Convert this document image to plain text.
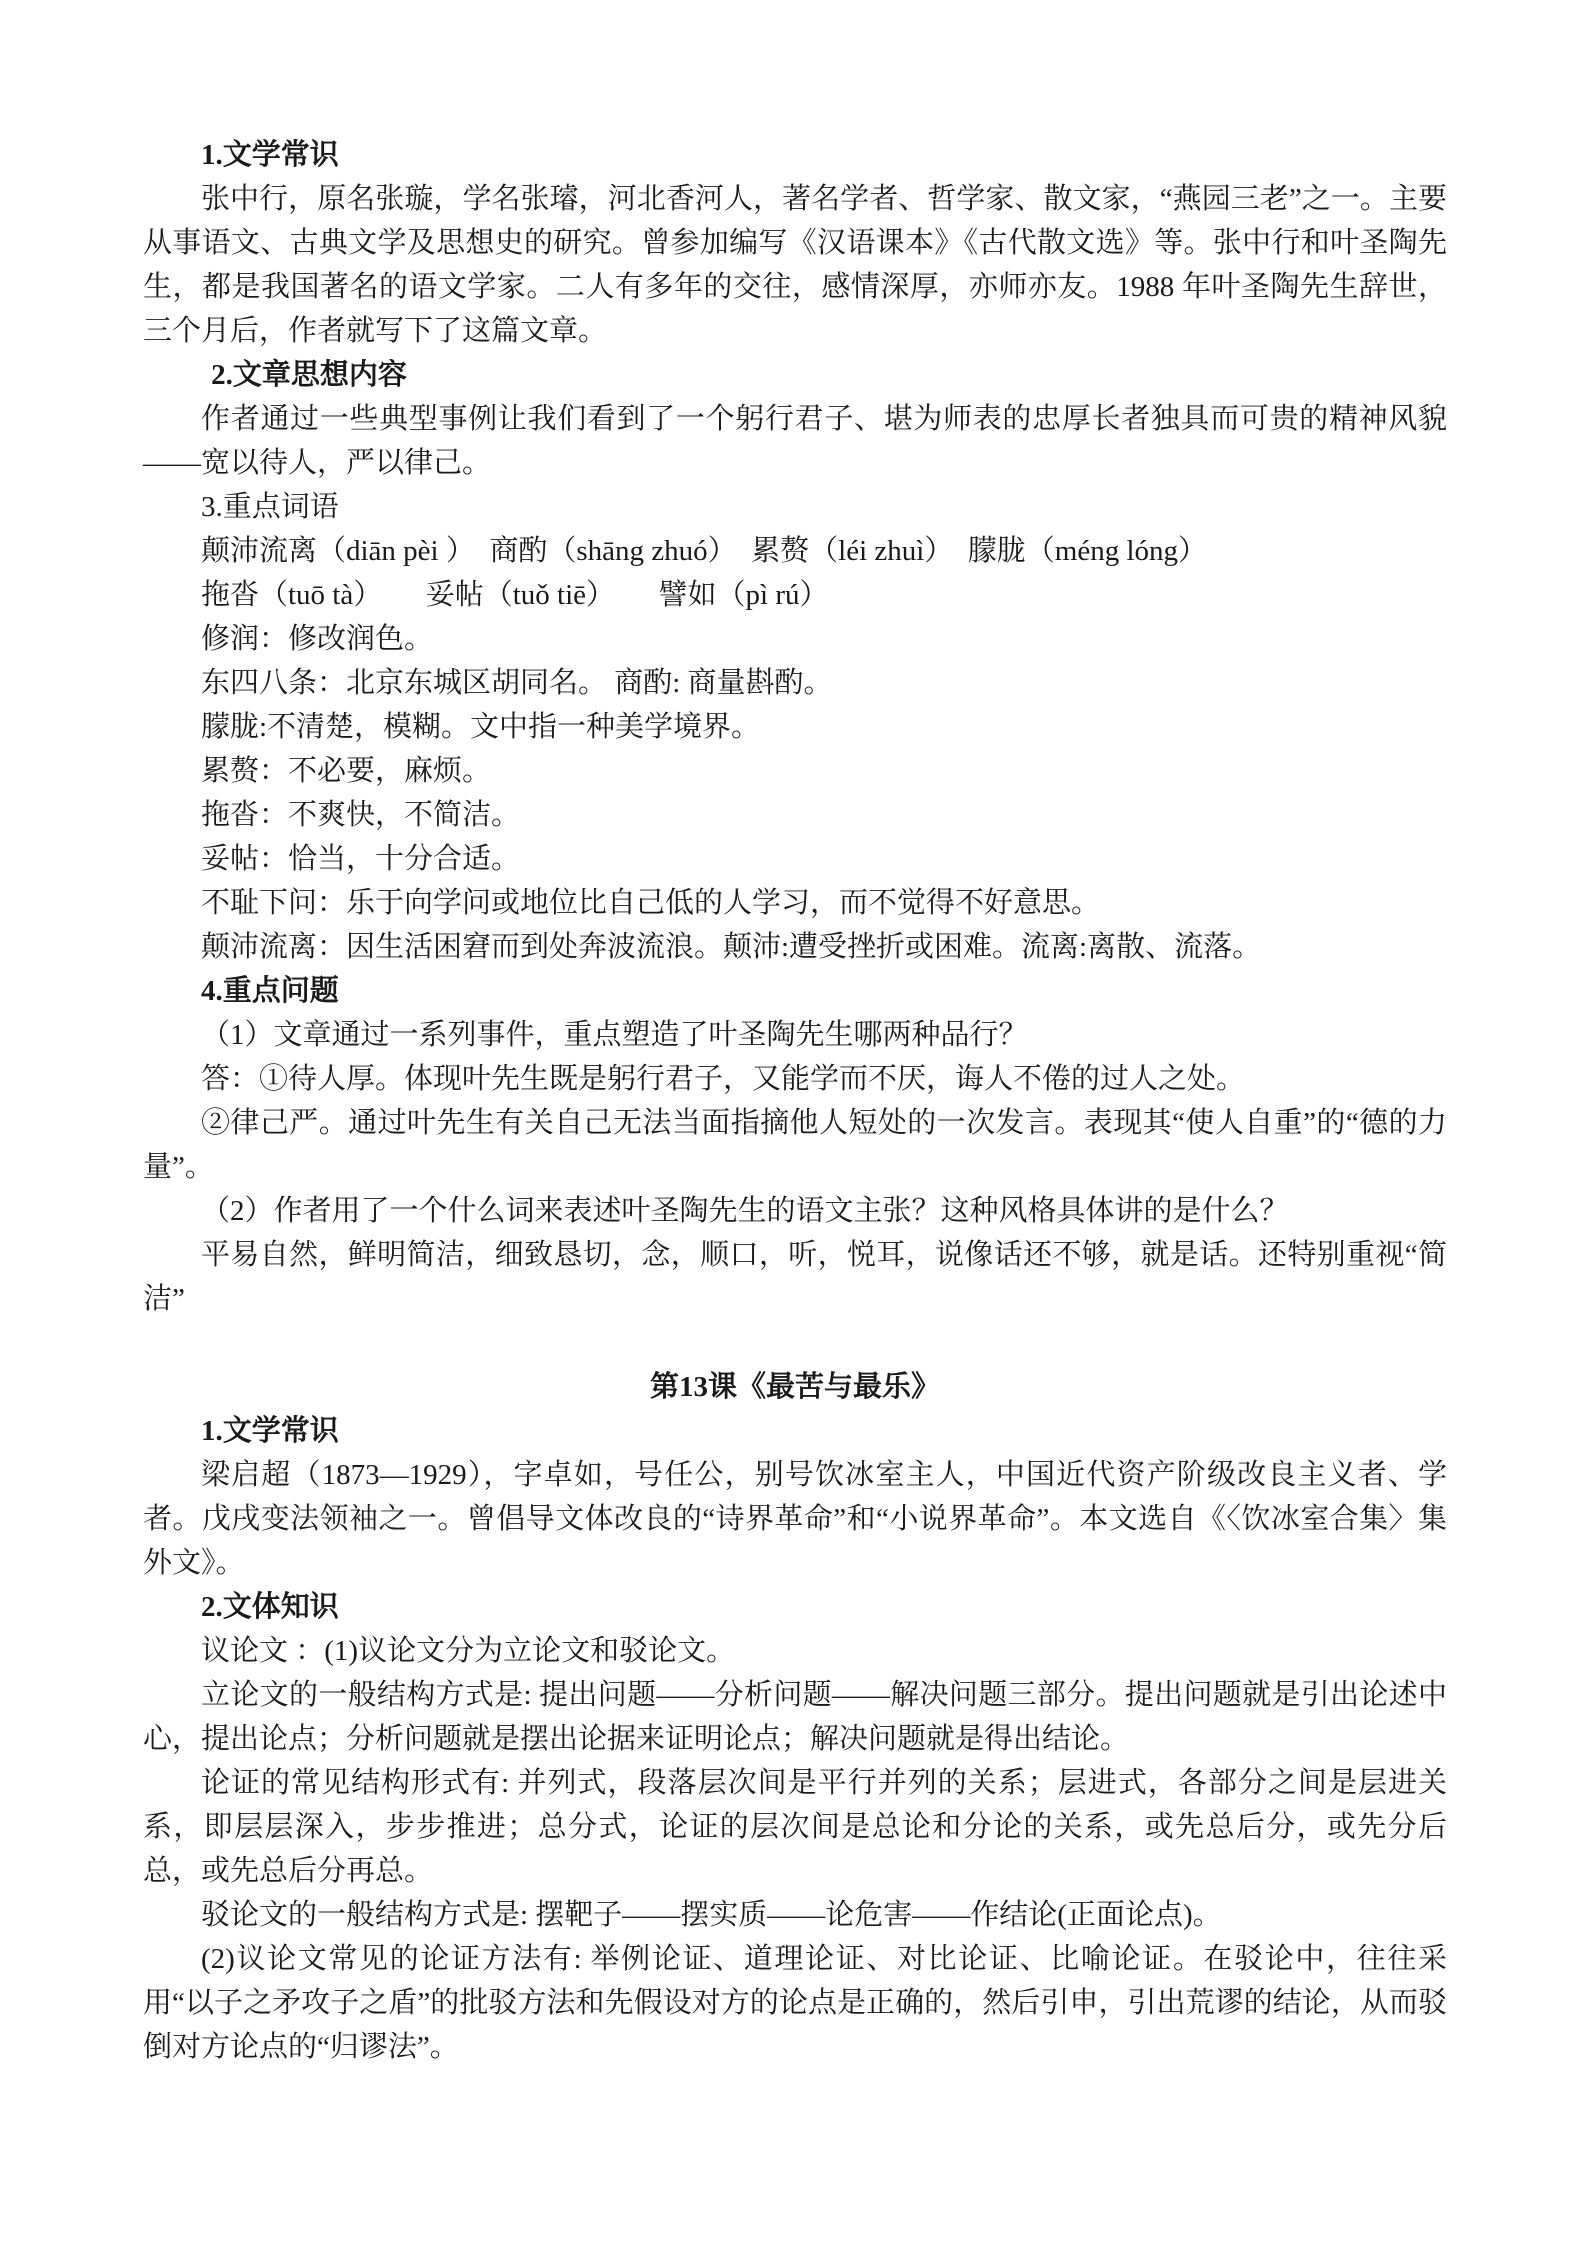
1.文学常识

张中行，原名张璇，学名张璿，河北香河人，著名学者、哲学家、散文家，“燕园三老”之一。主要从事语文、古典文学及思想史的研究。曾参加编写《汉语课本》《古代散文选》等。张中行和叶圣陶先生，都是我国著名的语文学家。二人有多年的交往，感情深厚，亦师亦友。1988 年叶圣陶先生辞世，三个月后，作者就写下了这篇文章。

2.文章思想内容

作者通过一些典型事例让我们看到了一个躬行君子、堪为师表的忠厚长者独具而可贵的精神风貌——宽以待人，严以律己。

3.重点词语

颠沛流离（diān pèi ）　商酌（shāng zhuó）　累赘（léi zhuì）　朦胧（méng lóng）

拖沓（tuō tà）　　妥帖（tuǒ tiē）　　譬如（pì rú）

修润：修改润色。

东四八条：北京东城区胡同名。 商酌: 商量斟酌。

朦胧:不清楚，模糊。文中指一种美学境界。

累赘：不必要，麻烦。

拖沓：不爽快，不简洁。

妥帖：恰当，十分合适。

不耻下问：乐于向学问或地位比自己低的人学习，而不觉得不好意思。

颠沛流离：因生活困窘而到处奔波流浪。颠沛:遭受挫折或困难。流离:离散、流落。

4.重点问题

（1）文章通过一系列事件，重点塑造了叶圣陶先生哪两种品行？

答：①待人厚。体现叶先生既是躬行君子，又能学而不厌，诲人不倦的过人之处。

②律己严。通过叶先生有关自己无法当面指摘他人短处的一次发言。表现其“使人自重”的“德的力量”。

（2）作者用了一个什么词来表述叶圣陶先生的语文主张？这种风格具体讲的是什么？

平易自然，鲜明简洁，细致恳切，念，顺口，听，悦耳，说像话还不够，就是话。还特别重视“简洁”

第13课《最苦与最乐》

1.文学常识

梁启超（1873—1929），字卓如，号任公，别号饮冰室主人，中国近代资产阶级改良主义者、学者。戊戌变法领袖之一。曾倡导文体改良的“诗界革命”和“小说界革命”。本文选自《〈饮冰室合集〉集外文》。

2.文体知识

议论文 ：(1)议论文分为立论文和驳论文。

立论文的一般结构方式是: 提出问题——分析问题——解决问题三部分。提出问题就是引出论述中心，提出论点；分析问题就是摆出论据来证明论点；解决问题就是得出结论。

论证的常见结构形式有: 并列式，段落层次间是平行并列的关系；层进式，各部分之间是层进关系，即层层深入，步步推进；总分式，论证的层次间是总论和分论的关系，或先总后分，或先分后总，或先总后分再总。

驳论文的一般结构方式是: 摆靶子——摆实质——论危害——作结论(正面论点)。

(2)议论文常见的论证方法有: 举例论证、道理论证、对比论证、比喻论证。在驳论中，往往采用“以子之矛攻子之盾”的批驳方法和先假设对方的论点是正确的，然后引申，引出荒谬的结论，从而驳倒对方论点的“归谬法”。
